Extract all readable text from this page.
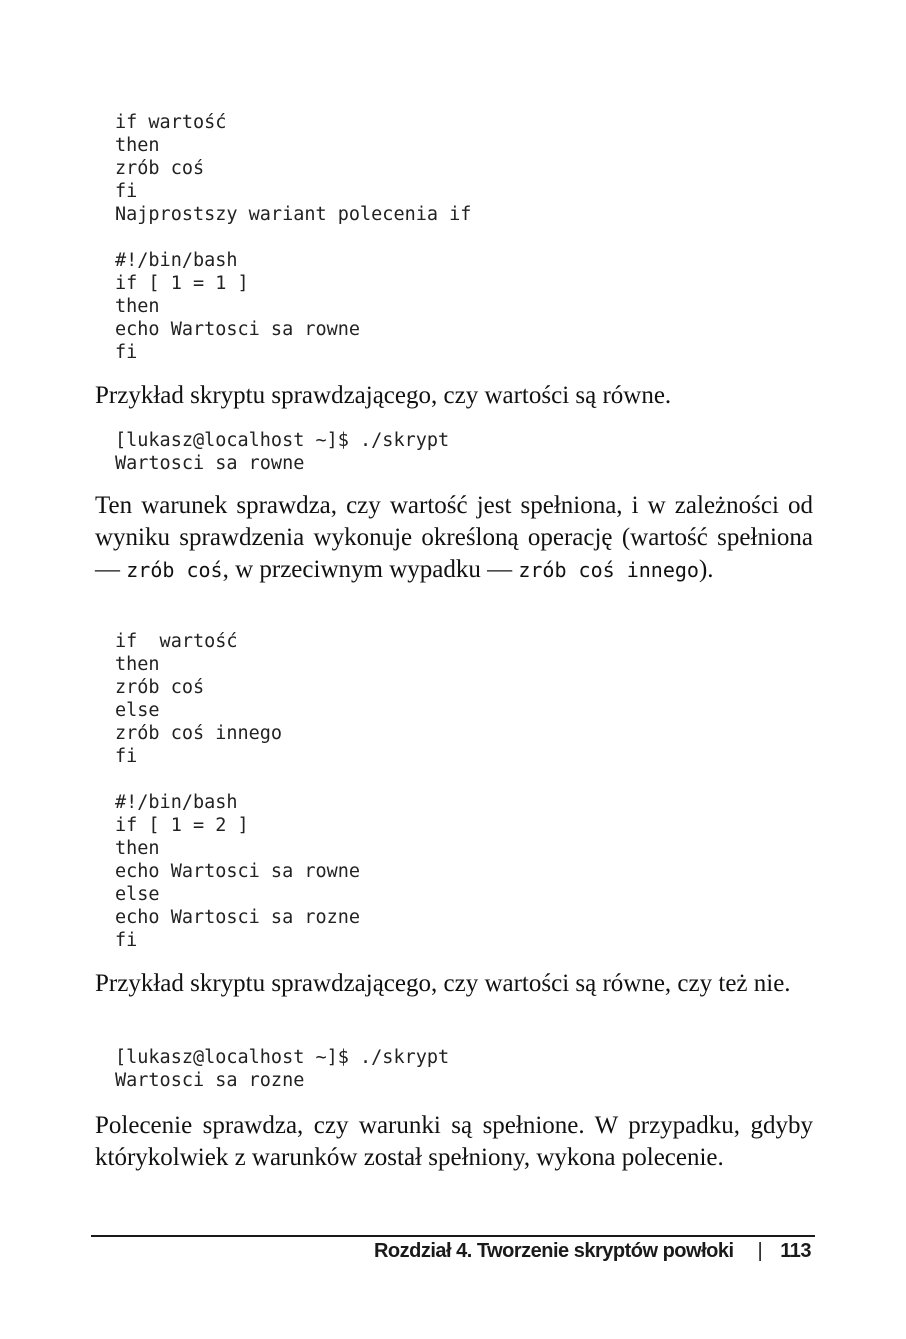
if wartość
then
zrób coś
fi
Najprostszy wariant polecenia if
#!/bin/bash
if [ 1 = 1 ]
then
echo Wartosci sa rowne
fi

Przykład skryptu sprawdzającego, czy wartości są równe.

[lukasz@localhost ~]$ ./skrypt
Wartosci sa rowne

Ten warunek sprawdza, czy wartość jest spełniona, i w zależności od wyniku sprawdzenia wykonuje określoną operację (wartość spełniona — zrób coś, w przeciwnym wypadku — zrób coś innego).

if  wartość
then
zrób coś
else
zrób coś innego
fi
#!/bin/bash
if [ 1 = 2 ]
then
echo Wartosci sa rowne
else
echo Wartosci sa rozne
fi

Przykład skryptu sprawdzającego, czy wartości są równe, czy też nie.

[lukasz@localhost ~]$ ./skrypt
Wartosci sa rozne

Polecenie sprawdza, czy warunki są spełnione. W przypadku, gdyby którykolwiek z warunków został spełniony, wykona polecenie.

Rozdział 4. Tworzenie skryptów powłoki | 113
